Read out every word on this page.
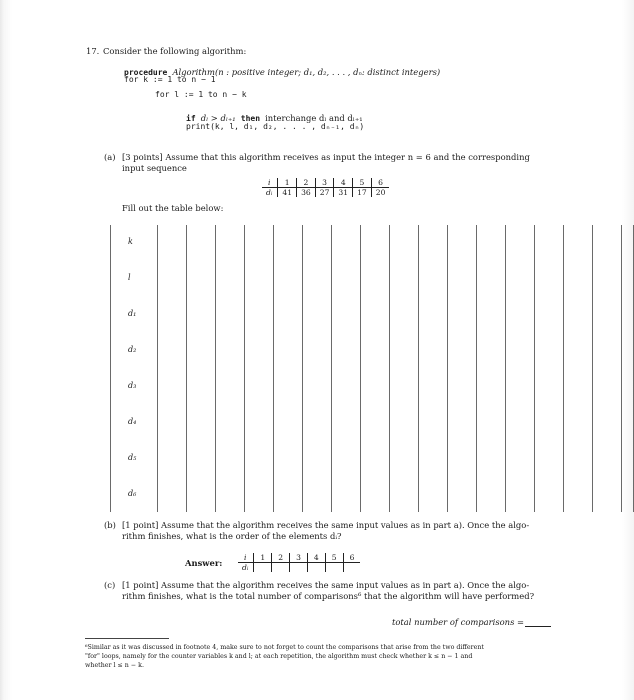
17. Consider the following algorithm:
procedure Algorithm(n : positive integer; d₁, d₂, . . . , dₙ: distinct integers)
for k := 1 to n − 1
for l := 1 to n − k
if dₗ > dₗ₊₁ then interchange dₗ and dₗ₊₁
print(k, l, d₁, d₂, . . . , dₙ₋₁, dₙ)
(a) [3 points] Assume that this algorithm receives as input the integer n = 6 and the corresponding
input sequence
i	1	2	3	4	5	6
dᵢ	41	36	27	31	17	20
Fill out the table below:
k
l
d₁
d₂
d₃
d₄
d₅
d₆
(b) [1 point] Assume that the algorithm receives the same input values as in part a). Once the algo-
rithm finishes, what is the order of the elements dᵢ?
Answer:
i	1	2	3	4	5	6
dᵢ						
(c) [1 point] Assume that the algorithm receives the same input values as in part a). Once the algo-
rithm finishes, what is the total number of comparisons⁶ that the algorithm will have performed?
total number of comparisons =
⁶Similar as it was discussed in footnote 4, make sure to not forget to count the comparisons that arise from the two different
"for" loops, namely for the counter variables k and l; at each repetition, the algorithm must check whether k ≤ n − 1 and
whether l ≤ n − k.
